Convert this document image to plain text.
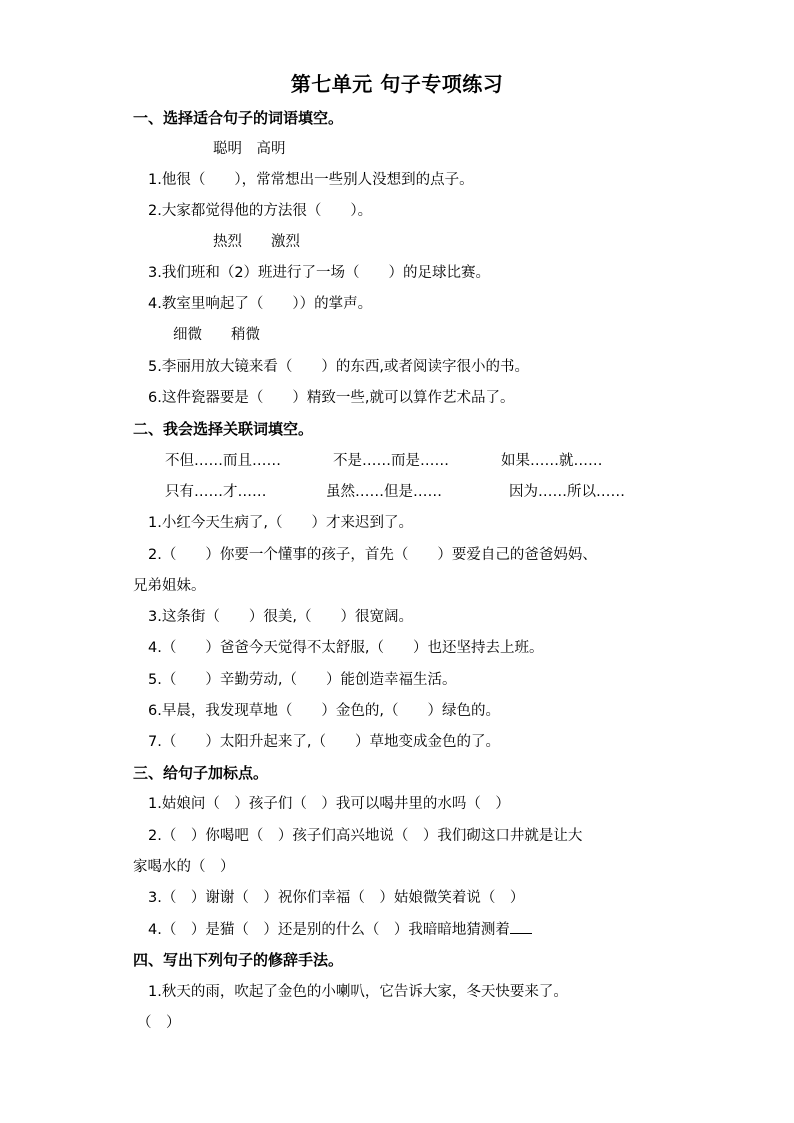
第七单元 句子专项练习
一、选择适合句子的词语填空。
聪明　高明
1.他很（　　），常常想出一些别人没想到的点子。
2.大家都觉得他的方法很（　　）。
热烈　　激烈
3.我们班和（2）班进行了一场（　　）的足球比赛。
4.教室里响起了（　　））的掌声。
细微　　稍微
5.李丽用放大镜来看（　　）的东西,或者阅读字很小的书。
6.这件瓷器要是（　　）精致一些,就可以算作艺术品了。
二、我会选择关联词填空。
不但……而且……	不是……而是……	如果……就……
只有……才……	虽然……但是……	因为……所以……
1.小红今天生病了,（　　）才来迟到了。
2.（　　）你要一个懂事的孩子，首先（　　）要爱自己的爸爸妈妈、
兄弟姐妹。
3.这条街（　　）很美,（　　）很宽阔。
4.（　　）爸爸今天觉得不太舒服,（　　）也还坚持去上班。
5.（　　）辛勤劳动,（　　）能创造幸福生活。
6.早晨，我发现草地（　　）金色的,（　　）绿色的。
7.（　　）太阳升起来了,（　　）草地变成金色的了。
三、给句子加标点。
1.姑娘问（　）孩子们（　）我可以喝井里的水吗（　）
2.（　）你喝吧（　）孩子们高兴地说（　）我们砌这口井就是让大
家喝水的（　）
3.（　）谢谢（　）祝你们幸福（　）姑娘微笑着说（　）
4.（　）是猫（　）还是别的什么（　）我暗暗地猜测着
四、写出下列句子的修辞手法。
1.秋天的雨，吹起了金色的小喇叭，它告诉大家，冬天快要来了。
（　）
